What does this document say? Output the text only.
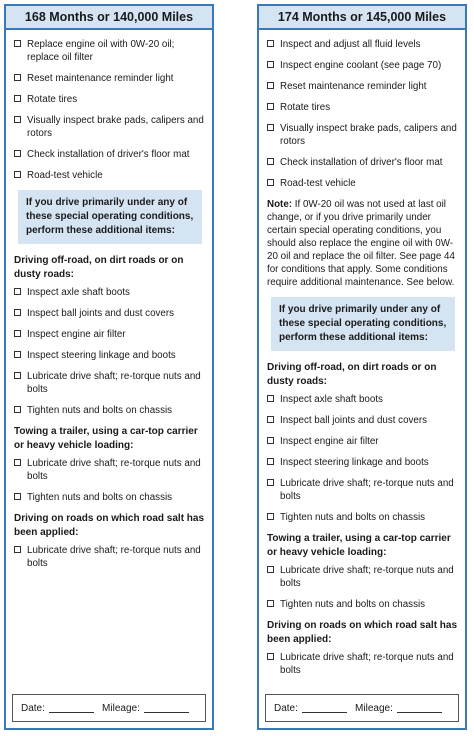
168 Months or 140,000 Miles
Replace engine oil with 0W-20 oil; replace oil filter
Reset maintenance reminder light
Rotate tires
Visually inspect brake pads, calipers and rotors
Check installation of driver's floor mat
Road-test vehicle
If you drive primarily under any of these special operating conditions, perform these additional items:
Driving off-road, on dirt roads or on dusty roads:
Inspect axle shaft boots
Inspect ball joints and dust covers
Inspect engine air filter
Inspect steering linkage and boots
Lubricate drive shaft; re-torque nuts and bolts
Tighten nuts and bolts on chassis
Towing a trailer, using a car-top carrier or heavy vehicle loading:
Lubricate drive shaft; re-torque nuts and bolts
Tighten nuts and bolts on chassis
Driving on roads on which road salt has been applied:
Lubricate drive shaft; re-torque nuts and bolts
Date:	Mileage:
174 Months or 145,000 Miles
Inspect and adjust all fluid levels
Inspect engine coolant (see page 70)
Reset maintenance reminder light
Rotate tires
Visually inspect brake pads, calipers and rotors
Check installation of driver's floor mat
Road-test vehicle
Note: If 0W-20 oil was not used at last oil change, or if you drive primarily under certain special operating conditions, you should also replace the engine oil with 0W-20 oil and replace the oil filter. See page 44 for conditions that apply. Some conditions require additional maintenance. See below.
If you drive primarily under any of these special operating conditions, perform these additional items:
Driving off-road, on dirt roads or on dusty roads:
Inspect axle shaft boots
Inspect ball joints and dust covers
Inspect engine air filter
Inspect steering linkage and boots
Lubricate drive shaft; re-torque nuts and bolts
Tighten nuts and bolts on chassis
Towing a trailer, using a car-top carrier or heavy vehicle loading:
Lubricate drive shaft; re-torque nuts and bolts
Tighten nuts and bolts on chassis
Driving on roads on which road salt has been applied:
Lubricate drive shaft; re-torque nuts and bolts
Date:	Mileage:
